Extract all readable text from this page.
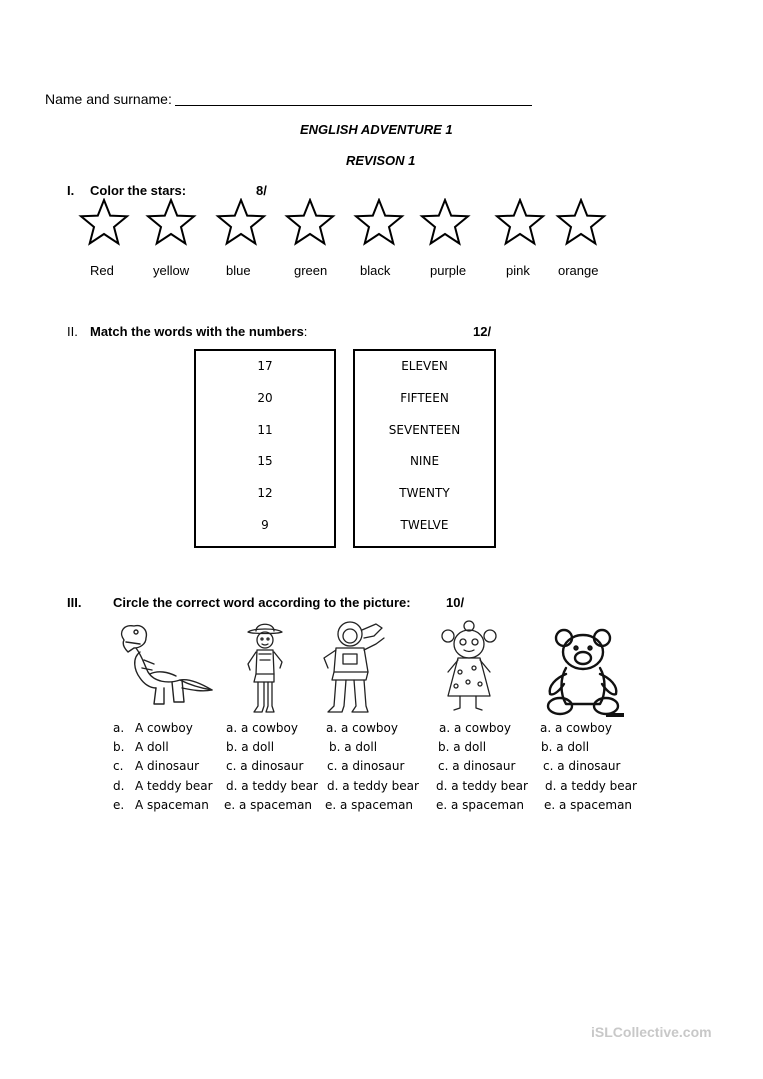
Name and surname:
ENGLISH ADVENTURE 1
REVISON 1
I. Color the stars:	8/
Red	yellow	blue	green	black	purple	pink orange
II. Match the words with the numbers:	12/
17
20
11
15
12
9
ELEVEN
FIFTEEN
SEVENTEEN
NINE
TWENTY
TWELVE
III. Circle the correct word according to the picture:	10/
a. A cowboy
b. A doll
c. A dinosaur
d. A teddy bear
e. A spaceman
a. a cowboy
b. a doll
c. a dinosaur
d. a teddy bear
e. a spaceman
a. a cowboy
b. a doll
c. a dinosaur
d. a teddy bear
e. a spaceman
a. a cowboy
b. a doll
c. a dinosaur
d. a teddy bear
e. a spaceman
a. a cowboy
b. a doll
c. a dinosaur
d. a teddy bear
e. a spaceman
iSLCollective.com
